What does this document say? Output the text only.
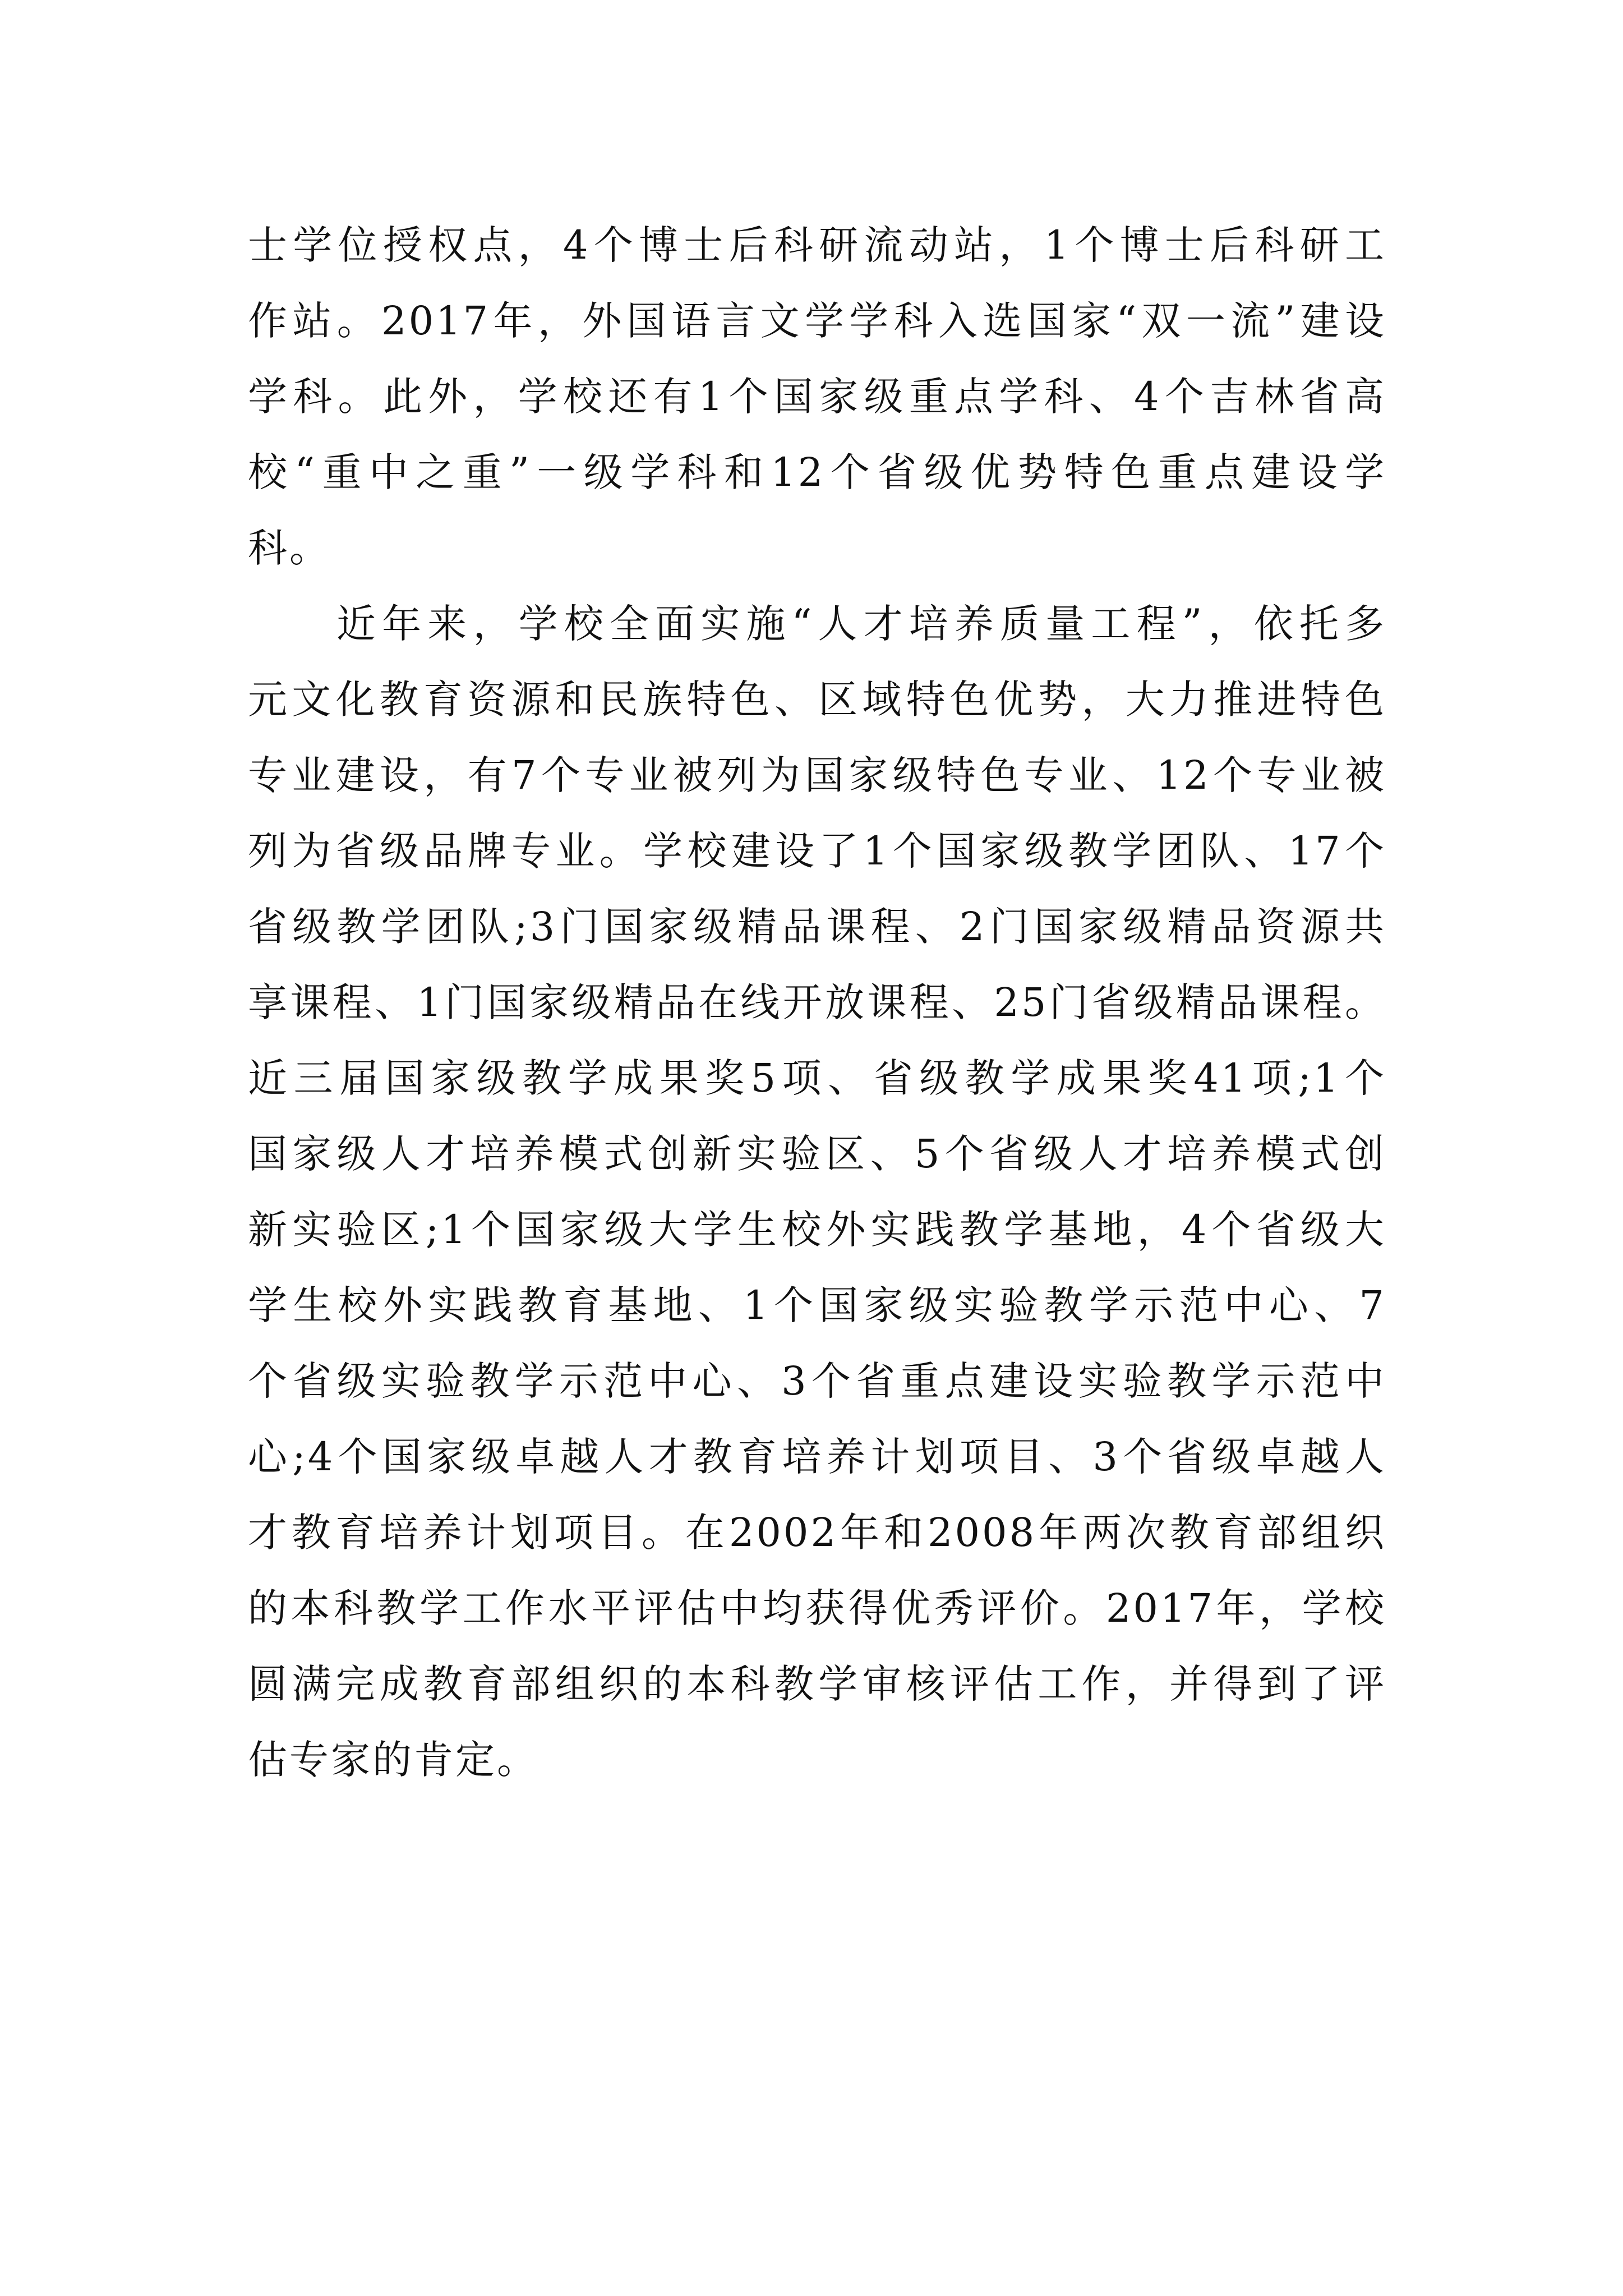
士学位授权点，4个博士后科研流动站，1个博士后科研工
作站。2017年，外国语言文学学科入选国家“双一流”建设
学科。此外，学校还有1个国家级重点学科、4个吉林省高
校“重中之重”一级学科和12个省级优势特色重点建设学
科。
近年来，学校全面实施“人才培养质量工程”，依托多
元文化教育资源和民族特色、区域特色优势，大力推进特色
专业建设，有7个专业被列为国家级特色专业、12个专业被
列为省级品牌专业。学校建设了1个国家级教学团队、17个
省级教学团队;3门国家级精品课程、2门国家级精品资源共
享课程、1门国家级精品在线开放课程、25门省级精品课程。
近三届国家级教学成果奖5项、省级教学成果奖41项;1个
国家级人才培养模式创新实验区、5个省级人才培养模式创
新实验区;1个国家级大学生校外实践教学基地，4个省级大
学生校外实践教育基地、1个国家级实验教学示范中心、7
个省级实验教学示范中心、3个省重点建设实验教学示范中
心;4个国家级卓越人才教育培养计划项目、3个省级卓越人
才教育培养计划项目。在2002年和2008年两次教育部组织
的本科教学工作水平评估中均获得优秀评价。2017年，学校
圆满完成教育部组织的本科教学审核评估工作，并得到了评
估专家的肯定。
